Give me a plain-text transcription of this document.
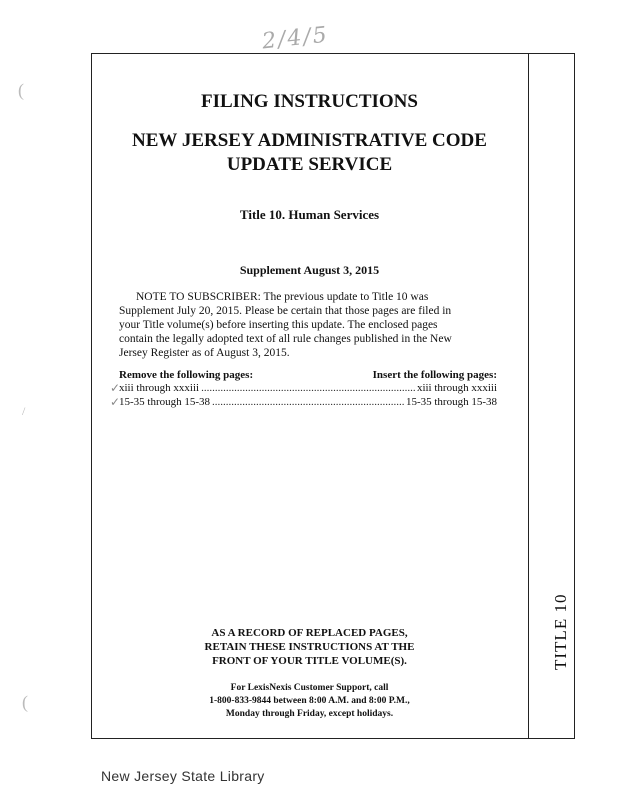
(
/
(
2/4/5
TITLE 10
FILING INSTRUCTIONS
NEW JERSEY ADMINISTRATIVE CODE
UPDATE SERVICE
Title 10. Human Services
Supplement August 3, 2015
NOTE TO SUBSCRIBER: The previous update to Title 10 was
Supplement July 20, 2015. Please be certain that those pages are filed in
your Title volume(s) before inserting this update. The enclosed pages
contain the legally adopted text of all rule changes published in the New
Jersey Register as of August 3, 2015.
Remove the following pages:	Insert the following pages:
✓
xiii through xxxiii .....	xiii through xxxiii
✓
15-35 through 15-38 .....	15-35 through 15-38
AS A RECORD OF REPLACED PAGES,
RETAIN THESE INSTRUCTIONS AT THE
FRONT OF YOUR TITLE VOLUME(S).
For LexisNexis Customer Support, call
1-800-833-9844 between 8:00 A.M. and 8:00 P.M.,
Monday through Friday, except holidays.
New Jersey State Library
